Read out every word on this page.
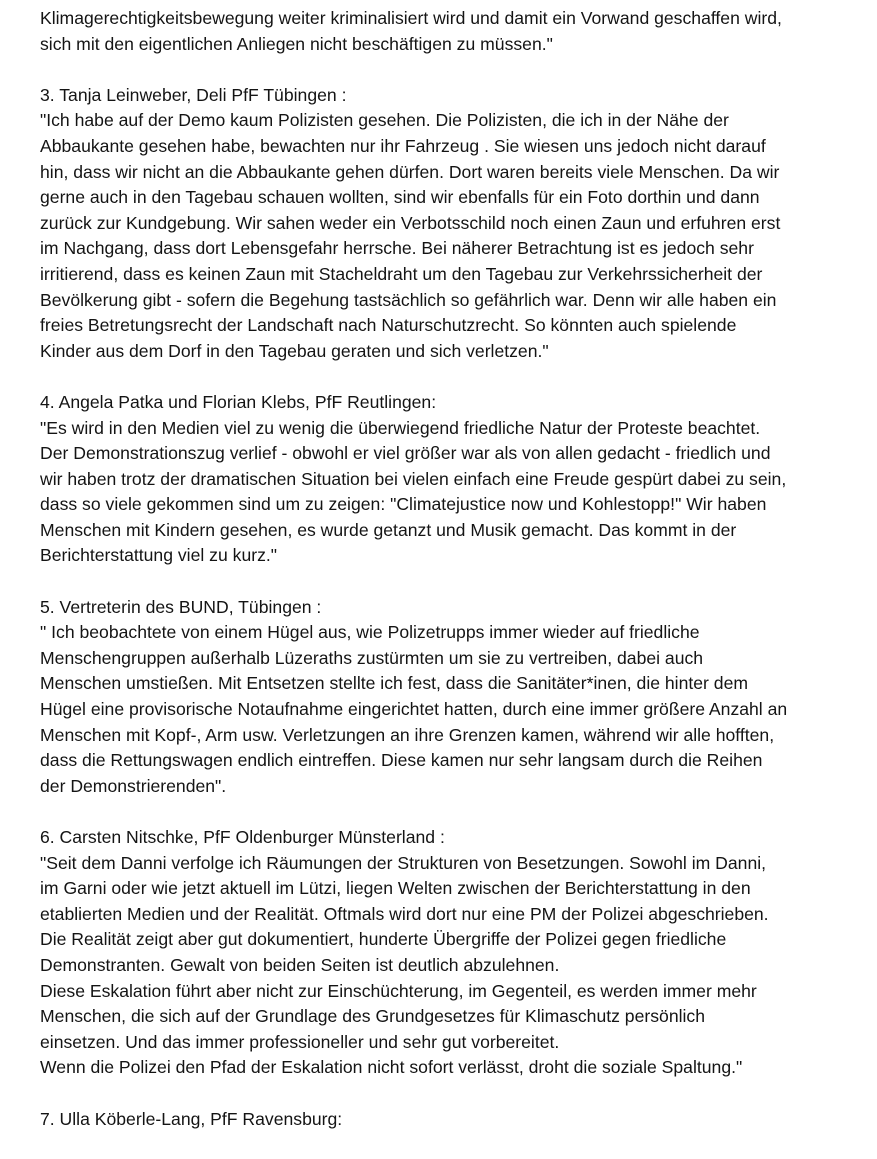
Klimagerechtigkeitsbewegung weiter kriminalisiert wird und damit ein Vorwand geschaffen wird,
sich mit den eigentlichen Anliegen nicht beschäftigen zu müssen."
3. Tanja Leinweber, Deli PfF Tübingen :
"Ich habe auf der Demo kaum Polizisten gesehen. Die Polizisten, die ich in der Nähe der
Abbaukante gesehen habe, bewachten nur ihr Fahrzeug . Sie wiesen uns jedoch nicht darauf
hin, dass wir nicht an die Abbaukante gehen dürfen. Dort waren bereits viele Menschen. Da wir
gerne auch in den Tagebau schauen wollten, sind wir ebenfalls für ein Foto dorthin und dann
zurück zur Kundgebung. Wir sahen weder ein Verbotsschild noch einen Zaun und erfuhren erst
im Nachgang, dass dort Lebensgefahr herrsche. Bei näherer Betrachtung ist es jedoch sehr
irritierend, dass es keinen Zaun mit Stacheldraht um den Tagebau zur Verkehrssicherheit der
Bevölkerung gibt - sofern die Begehung tastsächlich so gefährlich war. Denn wir alle haben ein
freies Betretungsrecht der Landschaft nach Naturschutzrecht. So könnten auch spielende
Kinder aus dem Dorf in den Tagebau geraten und sich verletzen."
4. Angela Patka und Florian Klebs, PfF Reutlingen:
"Es wird in den Medien viel zu wenig die überwiegend friedliche Natur der Proteste beachtet.
Der Demonstrationszug verlief - obwohl er viel größer war als von allen gedacht - friedlich und
wir haben trotz der dramatischen Situation bei vielen einfach eine Freude gespürt dabei zu sein,
dass so viele gekommen sind um zu zeigen: "Climatejustice now und Kohlestopp!" Wir haben
Menschen mit Kindern gesehen, es wurde getanzt und Musik gemacht. Das kommt in der
Berichterstattung viel zu kurz."
5. Vertreterin des BUND, Tübingen :
" Ich beobachtete von einem Hügel aus, wie Polizetrupps immer wieder auf friedliche
Menschengruppen außerhalb Lüzeraths zustürmten um sie zu vertreiben, dabei auch
Menschen umstießen. Mit Entsetzen stellte ich fest, dass die Sanitäter*inen, die hinter dem
Hügel eine provisorische Notaufnahme eingerichtet hatten, durch eine immer größere Anzahl an
Menschen mit Kopf-, Arm usw. Verletzungen an ihre Grenzen kamen, während wir alle hofften,
dass die Rettungswagen endlich eintreffen. Diese kamen nur sehr langsam durch die Reihen
der Demonstrierenden".
6. Carsten Nitschke, PfF Oldenburger Münsterland :
"Seit dem Danni verfolge ich Räumungen der Strukturen von Besetzungen. Sowohl im Danni,
im Garni oder wie jetzt aktuell im Lützi, liegen Welten zwischen der Berichterstattung in den
etablierten Medien und der Realität. Oftmals wird dort nur eine PM der Polizei abgeschrieben.
Die Realität zeigt aber gut dokumentiert, hunderte Übergriffe der Polizei gegen friedliche
Demonstranten. Gewalt von beiden Seiten ist deutlich abzulehnen.
Diese Eskalation führt aber nicht zur Einschüchterung, im Gegenteil, es werden immer mehr
Menschen, die sich auf der Grundlage des Grundgesetzes für Klimaschutz persönlich
einsetzen. Und das immer professioneller und sehr gut vorbereitet.
Wenn die Polizei den Pfad der Eskalation nicht sofort verlässt, droht die soziale Spaltung."
7. Ulla Köberle-Lang, PfF Ravensburg:
